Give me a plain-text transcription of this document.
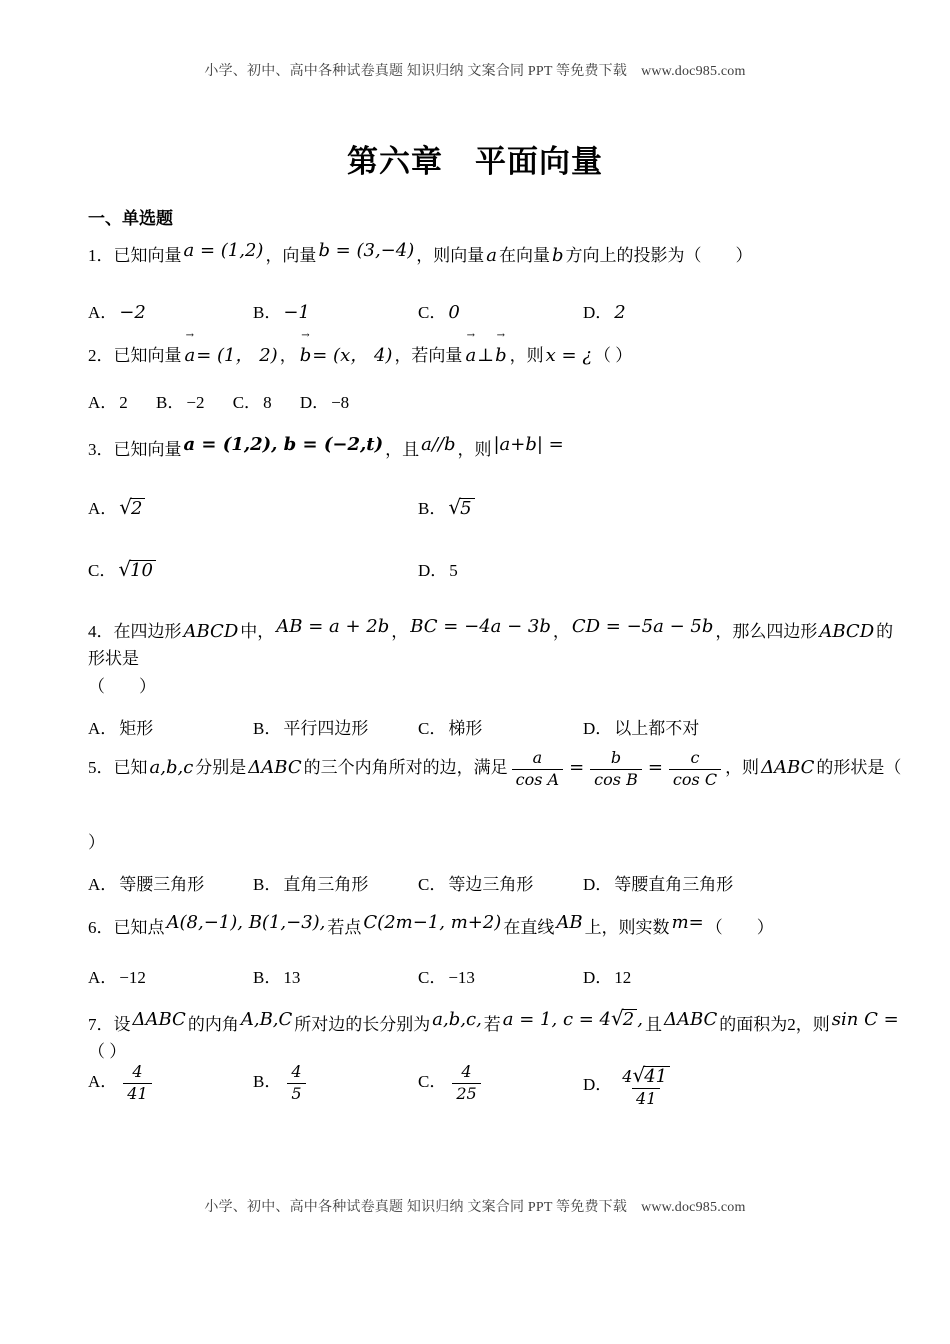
小学、初中、高中各种试卷真题 知识归纳 文案合同 PPT 等免费下载 www.doc985.com
第六章　平面向量
一、单选题
1．已知向量 a = (1,2) ，向量 b = (3,−4) ，则向量 a 在向量 b 方向上的投影为（　　）
A． −2	B． −1	C． 0	D． 2
2．已知向量
→
a= (1， 2) ，
→
b= (x， 4) ，若向量
→
a⊥
→
b ，则 x = ¿ （ ）
A． 2 B． −2 C． 8 D． −8
3．已知向量 a = (1,2), b = (−2,t) ，且 a//b ，则 |a+b| =
A． √2	B． √5
C． √10	D． 5
4．在四边形 ABCD 中， AB = a + 2b ， BC = −4a − 3b ， CD = −5a − 5b ，那么四边形 ABCD 的形状是
（　　）
A． 矩形	B． 平行四边形	C． 梯形	D． 以上都不对
5．已知 a,b,c 分别是 ΔABC 的三个内角所对的边，满足 $\frac{a}{\text{cos A}} = \frac{b}{\text{cos B}} = \frac{c}{\text{cos C}}$ ，则 ΔABC 的形状是（
）
A． 等腰三角形	B． 直角三角形	C． 等边三角形	D． 等腰直角三角形
6．已知点 A(8,−1), B(1,−3), 若点 C(2m−1, m+2) 在直线 AB 上，则实数 m= （　　）
A． −12	B． 13	C． −13	D． 12
7．设 ΔABC 的内角 A,B,C 所对边的长分别为 a,b,c, 若 a = 1, c = 4√2 , 且 ΔABC 的面积为2，则 sin C =（ ）
A． $\frac{4}{41}$	B． $\frac{4}{5}$	C． $\frac{4}{25}$	D． $\frac{4√41}{41}$
小学、初中、高中各种试卷真题 知识归纳 文案合同 PPT 等免费下载 www.doc985.com
